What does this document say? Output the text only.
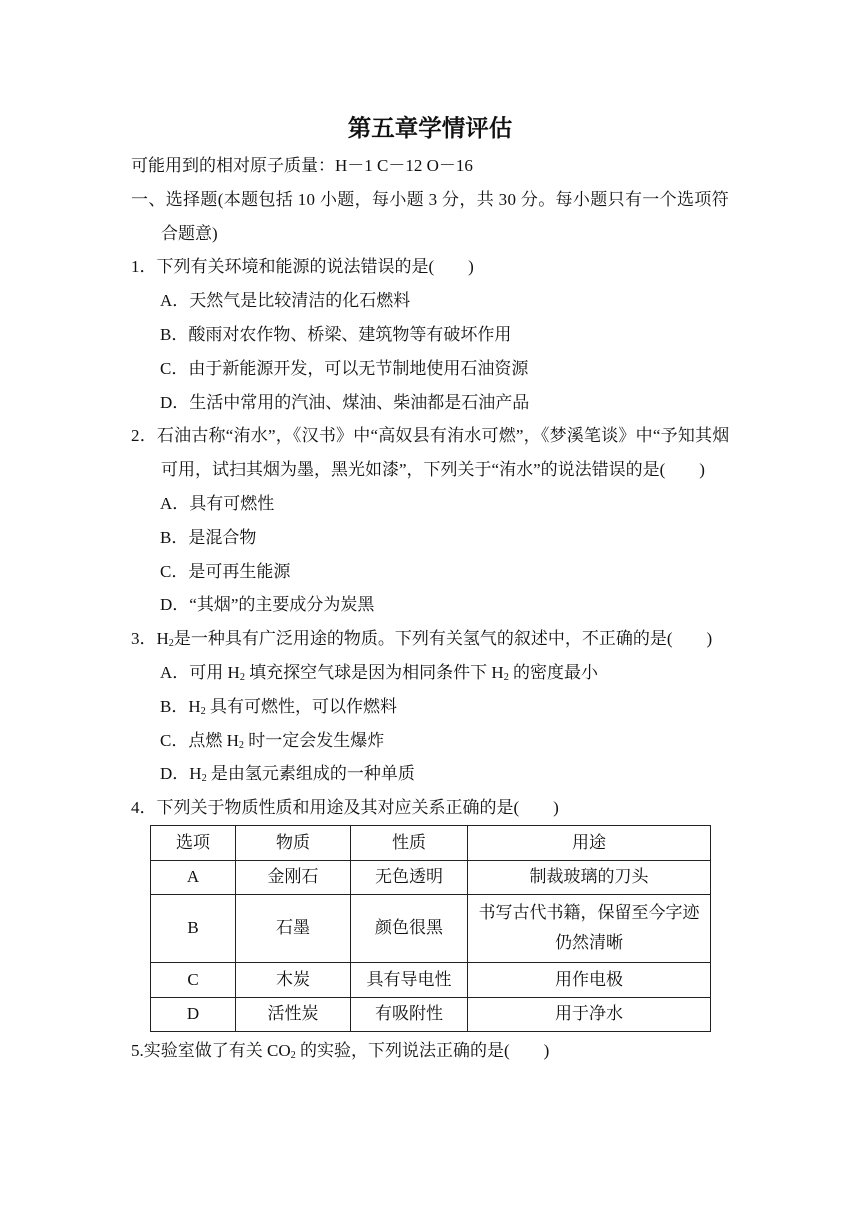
第五章学情评估
可能用到的相对原子质量：H－1 C－12 O－16
一、选择题(本题包括 10 小题，每小题 3 分，共 30 分。每小题只有一个选项符
合题意)
1．下列有关环境和能源的说法错误的是(　　)
A．天然气是比较清洁的化石燃料
B．酸雨对农作物、桥梁、建筑物等有破坏作用
C．由于新能源开发，可以无节制地使用石油资源
D．生活中常用的汽油、煤油、柴油都是石油产品
2．石油古称“洧水”，《汉书》中“高奴县有洧水可燃”，《梦溪笔谈》中“予知其烟
可用，试扫其烟为墨，黑光如漆”，下列关于“洧水”的说法错误的是(　　)
A．具有可燃性
B．是混合物
C．是可再生能源
D．“其烟”的主要成分为炭黑
3．$H_2$是一种具有广泛用途的物质。下列有关氢气的叙述中，不正确的是(　　)
A．可用 $H_2$ 填充探空气球是因为相同条件下 $H_2$ 的密度最小
B．$H_2$ 具有可燃性，可以作燃料
C．点燃 $H_2$ 时一定会发生爆炸
D．$H_2$ 是由氢元素组成的一种单质
4．下列关于物质性质和用途及其对应关系正确的是(　　)
选项	物质	性质	用途
A	金刚石	无色透明	制裁玻璃的刀头
B	石墨	颜色很黑	书写古代书籍，保留至今字迹仍然清晰
C	木炭	具有导电性	用作电极
D	活性炭	有吸附性	用于净水
5.实验室做了有关 $CO_2$ 的实验，下列说法正确的是(　　)
